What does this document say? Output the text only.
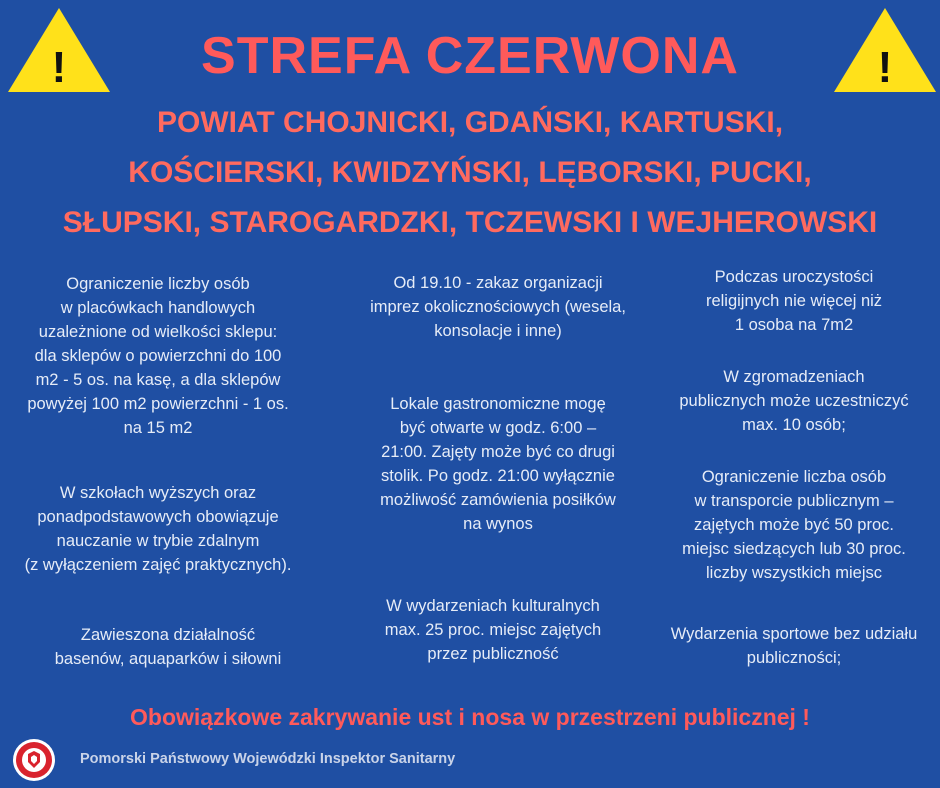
!	!
STREFA CZERWONA
POWIAT CHOJNICKI, GDAŃSKI, KARTUSKI,
KOŚCIERSKI, KWIDZYŃSKI, LĘBORSKI, PUCKI,
SŁUPSKI, STAROGARDZKI, TCZEWSKI I WEJHEROWSKI
Ograniczenie liczby osób
w placówkach handlowych
uzależnione od wielkości sklepu:
dla sklepów o powierzchni do 100
m2 - 5 os. na kasę, a dla sklepów
powyżej 100 m2 powierzchni - 1 os.
na 15 m2
W szkołach wyższych oraz
ponadpodstawowych obowiązuje
nauczanie w trybie zdalnym
(z wyłączeniem zajęć praktycznych).
Zawieszona działalność
basenów, aquaparków i siłowni
Od 19.10 - zakaz organizacji
imprez okolicznościowych (wesela,
konsolacje i inne)
Lokale gastronomiczne mogę
być otwarte w godz. 6:00 –
21:00. Zajęty może być co drugi
stolik. Po godz. 21:00 wyłącznie
możliwość zamówienia posiłków
na wynos
W wydarzeniach kulturalnych
max. 25 proc. miejsc zajętych
przez publiczność
Podczas uroczystości
religijnych nie więcej niż
1 osoba na 7m2
W zgromadzeniach
publicznych może uczestniczyć
max. 10 osób;
Ograniczenie liczba osób
w transporcie publicznym –
zajętych może być 50 proc.
miejsc siedzących lub 30 proc.
liczby wszystkich miejsc
Wydarzenia sportowe bez udziału
publiczności;
Obowiązkowe zakrywanie ust i nosa w przestrzeni publicznej !
Pomorski Państwowy Wojewódzki Inspektor Sanitarny
